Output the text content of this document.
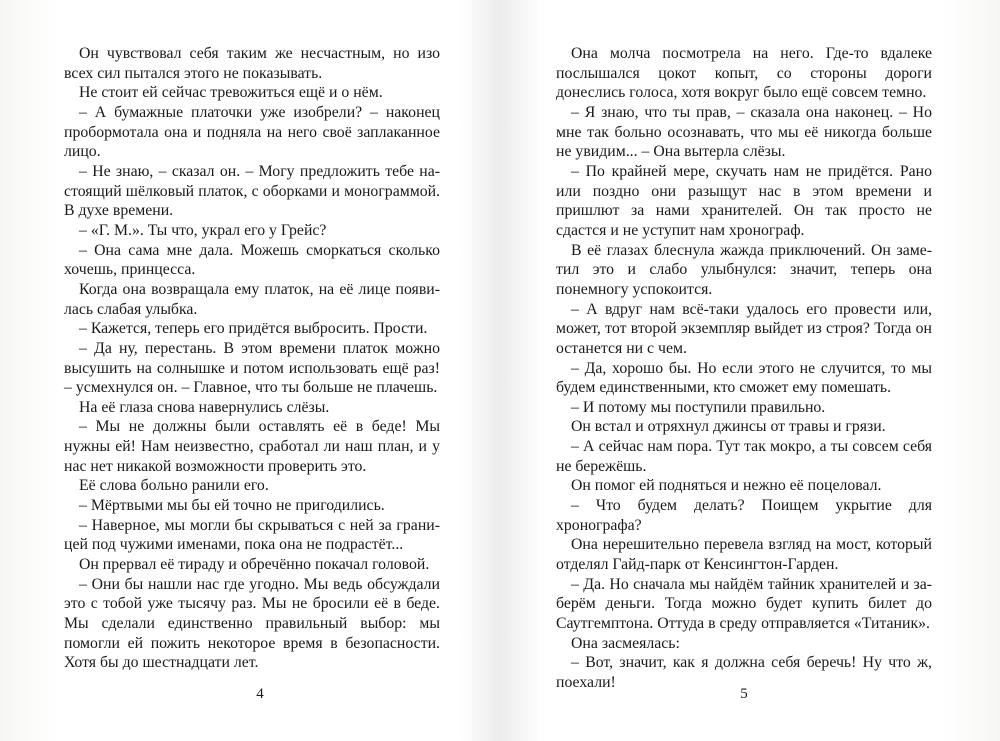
Он чувствовал себя таким же несчастным, но изо всех сил пытался этого не показывать.

Не стоит ей сейчас тревожиться ещё и о нём.

– А бумажные платочки уже изобрели? – наконец пробормотала она и подняла на него своё заплаканное лицо.

– Не знаю, – сказал он. – Могу предложить тебе настоящий шёлковый платок, с оборками и монограммой. В духе времени.

– «Г. М.». Ты что, украл его у Грейс?

– Она сама мне дала. Можешь сморкаться сколько хочешь, принцесса.

Когда она возвращала ему платок, на её лице появилась слабая улыбка.

– Кажется, теперь его придётся выбросить. Прости.

– Да ну, перестань. В этом времени платок можно высушить на солнышке и потом использовать ещё раз! – усмехнулся он. – Главное, что ты больше не плачешь.

На её глаза снова навернулись слёзы.

– Мы не должны были оставлять её в беде! Мы нужны ей! Нам неизвестно, сработал ли наш план, и у нас нет никакой возможности проверить это.

Её слова больно ранили его.

– Мёртвыми мы бы ей точно не пригодились.

– Наверное, мы могли бы скрываться с ней за границей под чужими именами, пока она не подрастёт...

Он прервал её тираду и обречённо покачал головой.

– Они бы нашли нас где угодно. Мы ведь обсуждали это с тобой уже тысячу раз. Мы не бросили её в беде. Мы сделали единственно правильный выбор: мы помогли ей пожить некоторое время в безопасности. Хотя бы до шестнадцати лет.

4

Она молча посмотрела на него. Где-то вдалеке послышался цокот копыт, со стороны дороги донеслись голоса, хотя вокруг было ещё совсем темно.

– Я знаю, что ты прав, – сказала она наконец. – Но мне так больно осознавать, что мы её никогда больше не увидим... – Она вытерла слёзы.

– По крайней мере, скучать нам не придётся. Рано или поздно они разыщут нас в этом времени и пришлют за нами хранителей. Он так просто не сдастся и не уступит нам хронограф.

В её глазах блеснула жажда приключений. Он заметил это и слабо улыбнулся: значит, теперь она понемногу успокоится.

– А вдруг нам всё-таки удалось его провести или, может, тот второй экземпляр выйдет из строя? Тогда он останется ни с чем.

– Да, хорошо бы. Но если этого не случится, то мы будем единственными, кто сможет ему помешать.

– И потому мы поступили правильно.

Он встал и отряхнул джинсы от травы и грязи.

– А сейчас нам пора. Тут так мокро, а ты совсем себя не бережёшь.

Он помог ей подняться и нежно её поцеловал.

– Что будем делать? Поищем укрытие для хронографа?

Она нерешительно перевела взгляд на мост, который отделял Гайд-парк от Кенсингтон-Гарден.

– Да. Но сначала мы найдём тайник хранителей и заберём деньги. Тогда можно будет купить билет до Саутгемптона. Оттуда в среду отправляется «Титаник».

Она засмеялась:

– Вот, значит, как я должна себя беречь! Ну что ж, поехали!

5
